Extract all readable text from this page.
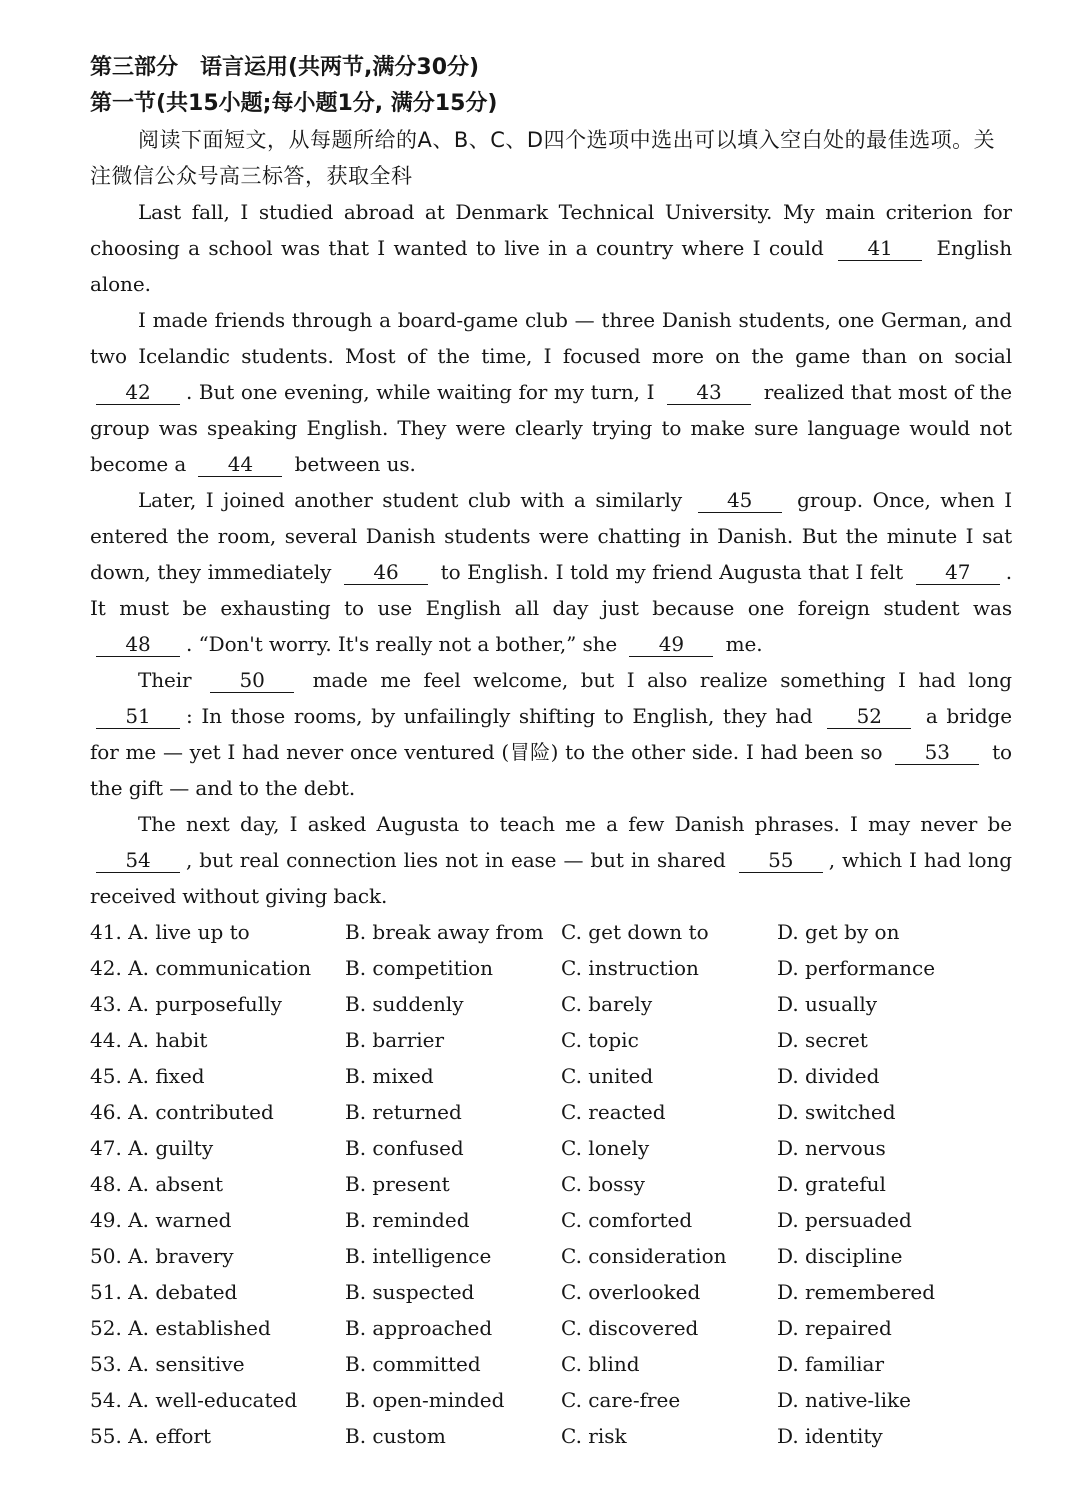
第三部分　语言运用(共两节,满分30分)
第一节(共15小题;每小题1分, 满分15分)
阅读下面短文，从每题所给的A、B、C、D四个选项中选出可以填入空白处的最佳选项。关注微信公众号高三标答，获取全科

Last fall, I studied abroad at Denmark Technical University. My main criterion for choosing a school was that I wanted to live in a country where I could 41 English alone.

I made friends through a board-game club — three Danish students, one German, and two Icelandic students. Most of the time, I focused more on the game than on social 42 . But one evening, while waiting for my turn, I 43 realized that most of the group was speaking English. They were clearly trying to make sure language would not become a 44 between us.

Later, I joined another student club with a similarly 45 group. Once, when I entered the room, several Danish students were chatting in Danish. But the minute I sat down, they immediately 46 to English. I told my friend Augusta that I felt 47 . It must be exhausting to use English all day just because one foreign student was 48 . “Don't worry. It's really not a bother,” she 49 me.

Their 50 made me feel welcome, but I also realize something I had long 51 : In those rooms, by unfailingly shifting to English, they had 52 a bridge for me — yet I had never once ventured (冒险) to the other side. I had been so 53 to the gift — and to the debt.

The next day, I asked Augusta to teach me a few Danish phrases. I may never be 54 , but real connection lies not in ease — but in shared 55 , which I had long received without giving back.

41. A. live up to	B. break away from C. get down to	D. get by on
42. A. communication	B. competition	C. instruction	D. performance
43. A. purposefully	B. suddenly	C. barely	D. usually
44. A. habit	B. barrier	C. topic	D. secret
45. A. fixed	B. mixed	C. united	D. divided
46. A. contributed	B. returned	C. reacted	D. switched
47. A. guilty	B. confused	C. lonely	D. nervous
48. A. absent	B. present	C. bossy	D. grateful
49. A. warned	B. reminded	C. comforted	D. persuaded
50. A. bravery	B. intelligence	C. consideration	D. discipline
51. A. debated	B. suspected	C. overlooked	D. remembered
52. A. established	B. approached	C. discovered	D. repaired
53. A. sensitive	B. committed	C. blind	D. familiar
54. A. well-educated	B. open-minded	C. care-free	D. native-like
55. A. effort	B. custom	C. risk	D. identity
